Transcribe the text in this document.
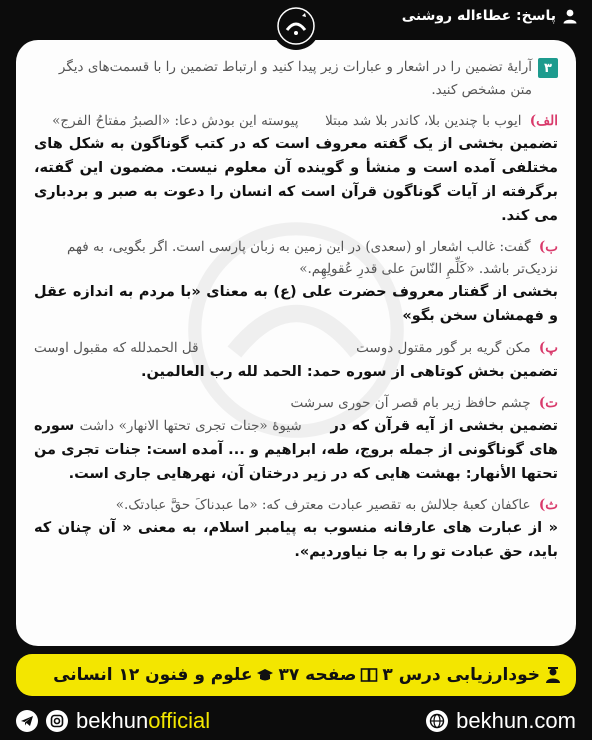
پاسخ: عطاءاله روشنی
۳
آرایهٔ تضمین را در اشعار و عبارات زیر پیدا کنید و ارتباط تضمین را با قسمت‌های دیگر متن مشخص کنید.
الف) ایوب با چندین بلا، کاندر بلا شد مبتلا  پیوسته این بودش دعا: «الصبرُ مفتاحُ الفرج»
تضمین بخشی از یک گفته معروف است که در کتب گوناگون به شکل های مختلفی آمده است و منشأ و گوینده آن معلوم نیست. مضمون این گفته، برگرفته از آیات گوناگون قرآن است که انسان را دعوت به صبر و بردباری می کند.
ب) گفت: غالب اشعار او (سعدی) در این زمین به زبان پارسی است. اگر بگویی، به فهم نزدیک‌تر باشد. «کَلِّمِ النّاسَ علی قدرِ عُقولِهِم.»
بخشی از گفتار معروف حضرت علی (ع) به معنای «با مردم به اندازه عقل و فهمشان سخن بگو»
پ) مکن گریه بر گور مقتول دوست
قل الحمدلله که مقبول اوست
تضمین بخش کوتاهی از سوره حمد: الحمد لله رب العالمین.
ت) چشم حافظ زیر بام قصر آن حوری سرشت
تضمین بخشی از آیه قرآن که در  شیوهٔ «جنات تجری تحتها الانهار» داشت سوره های گوناگونی از جمله بروج، طه، ابراهیم و ... آمده است: جنات تجری من تحتها الأنهار: بهشت هایی که در زیر درختان آن، نهرهایی جاری است.
ث) عاکفان کعبهٔ جلالش به تقصیر عبادت معترف که: «ما عبدناکَ حقَّ عبادتک.»
« از عبارت های عارفانه منسوب به پیامبر اسلام، به معنی « آن چنان که باید، حق عبادت تو را به جا نیاوردیم».
خودارزیابی درس ۳
صفحه ۳۷
علوم و فنون ۱۲ انسانی
bekhunofficial	bekhun.com
